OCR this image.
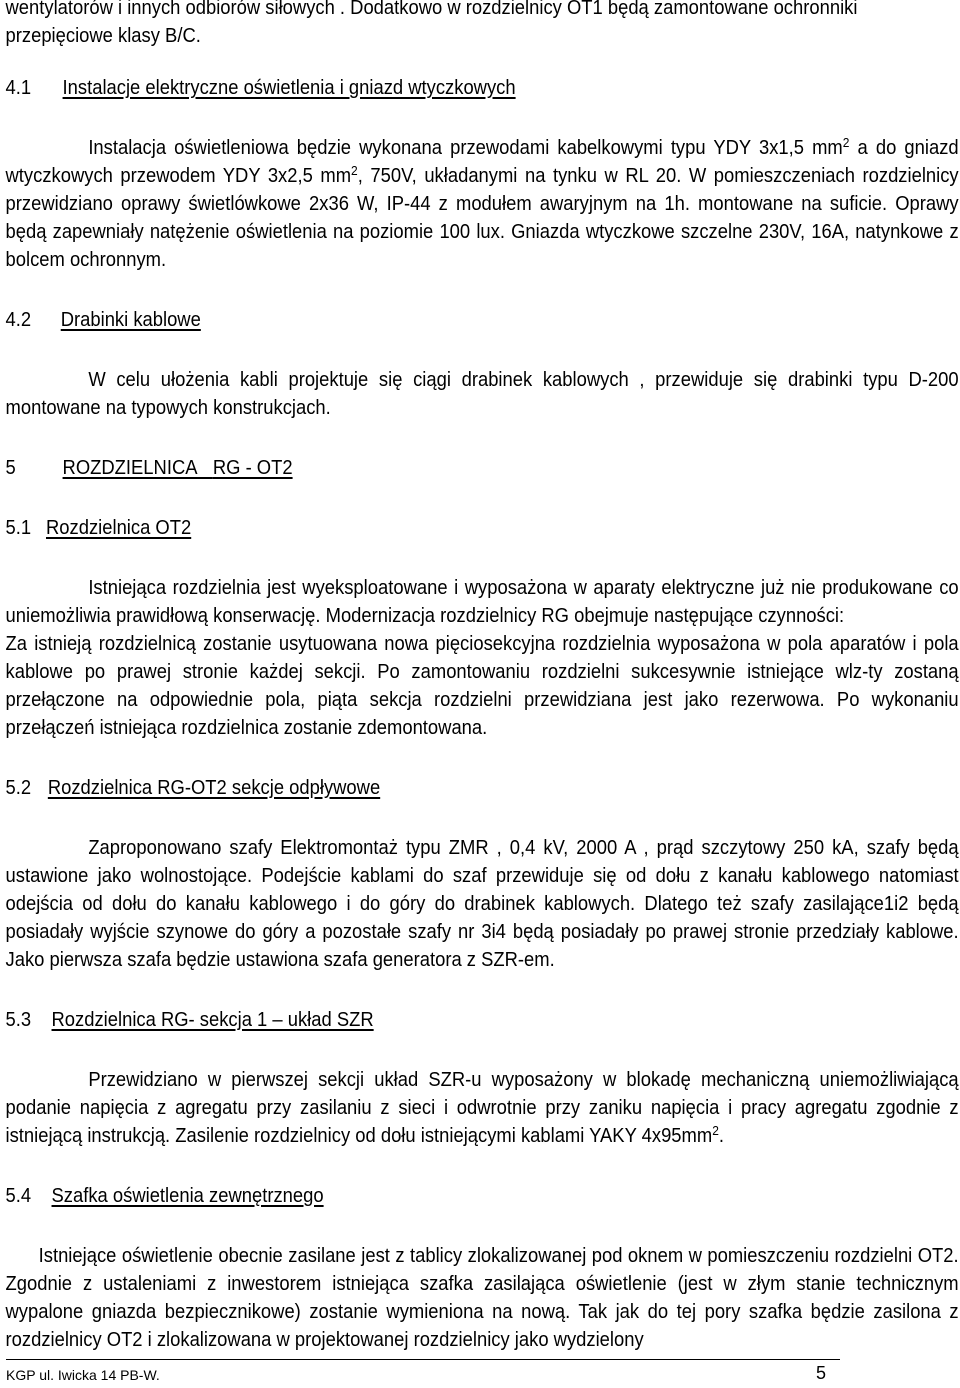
wentylatorów i innych odbiorów siłowych . Dodatkowo w rozdzielnicy OT1 będą zamontowane ochronniki

przepięciowe klasy B/C.

4.1 Instalacje elektryczne oświetlenia i gniazd wtyczkowych

Instalacja oświetleniowa będzie wykonana przewodami kabelkowymi typu YDY 3x1,5 $mm^2$ a do gniazd wtyczkowych przewodem YDY 3x2,5 $mm^2$, 750V, układanymi na tynku w RL 20. W pomieszczeniach rozdzielnicy przewidziano oprawy świetlówkowe 2x36 W, IP-44 z modułem awaryjnym na 1h. montowane na suficie. Oprawy będą zapewniały natężenie oświetlenia na poziomie 100 lux. Gniazda wtyczkowe szczelne 230V, 16A, natynkowe z bolcem ochronnym.

4.2 Drabinki kablowe

W celu ułożenia kabli projektuje się ciągi drabinek kablowych , przewiduje się drabinki typu D-200 montowane na typowych konstrukcjach.

5 ROZDZIELNICA RG - OT2
5.1 Rozdzielnica OT2

Istniejąca rozdzielnia jest wyeksploatowane i wyposażona w aparaty elektryczne już nie produkowane co uniemożliwia prawidłową konserwację. Modernizacja rozdzielnicy RG obejmuje następujące czynności:

Za istnieją rozdzielnicą zostanie usytuowana nowa pięciosekcyjna rozdzielnia wyposażona w pola aparatów i pola kablowe po prawej stronie każdej sekcji. Po zamontowaniu rozdzielni sukcesywnie istniejące wlz-ty zostaną przełączone na odpowiednie pola, piąta sekcja rozdzielni przewidziana jest jako rezerwowa. Po wykonaniu przełączeń istniejąca rozdzielnica zostanie zdemontowana.

5.2 Rozdzielnica RG-OT2 sekcje odpływowe

Zaproponowano szafy Elektromontaż typu ZMR , 0,4 kV, 2000 A , prąd szczytowy 250 kA, szafy będą ustawione jako wolnostojące. Podejście kablami do szaf przewiduje się od dołu z kanału kablowego natomiast odejścia od dołu do kanału kablowego i do góry do drabinek kablowych. Dlatego też szafy zasilające1i2 będą posiadały wyjście szynowe do góry a pozostałe szafy nr 3i4 będą posiadały po prawej stronie przedziały kablowe. Jako pierwsza szafa będzie ustawiona szafa generatora z SZR-em.

5.3 Rozdzielnica RG- sekcja 1 – układ SZR

Przewidziano w pierwszej sekcji układ SZR-u wyposażony w blokadę mechaniczną uniemożliwiającą podanie napięcia z agregatu przy zasilaniu z sieci i odwrotnie przy zaniku napięcia i pracy agregatu zgodnie z istniejącą instrukcją. Zasilenie rozdzielnicy od dołu istniejącymi kablami YAKY $4x95mm^2$.

5.4 Szafka oświetlenia zewnętrznego

Istniejące oświetlenie obecnie zasilane jest z tablicy zlokalizowanej pod oknem w pomieszczeniu rozdzielni OT2. Zgodnie z ustaleniami z inwestorem istniejąca szafka zasilająca oświetlenie (jest w złym stanie technicznym wypalone gniazda bezpiecznikowe) zostanie wymieniona na nową. Tak jak do tej pory szafka będzie zasilona z rozdzielnicy OT2 i zlokalizowana w projektowanej rozdzielnicy jako wydzielony

KGP ul. Iwicka 14 PB-W.	5
